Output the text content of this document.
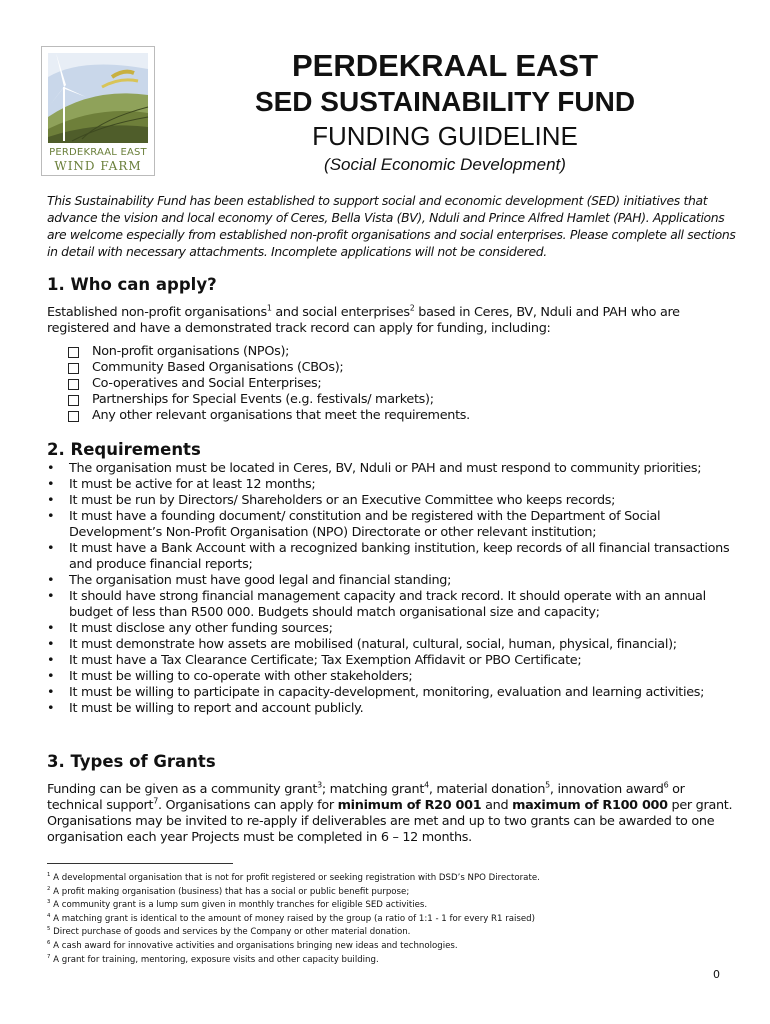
PERDEKRAAL EAST
WIND FARM
PERDEKRAAL EAST
SED SUSTAINABILITY FUND
FUNDING GUIDELINE
(Social Economic Development)
This Sustainability Fund has been established to support social and economic development (SED) initiatives that advance the vision and local economy of Ceres, Bella Vista (BV), Nduli and Prince Alfred Hamlet (PAH). Applications are welcome especially from established non-profit organisations and social enterprises. Please complete all sections in detail with necessary attachments. Incomplete applications will not be considered.
1. Who can apply?
Established non-profit organisations$^1$ and social enterprises$^2$ based in Ceres, BV, Nduli and PAH who are registered and have a demonstrated track record can apply for funding, including:
Non-profit organisations (NPOs);
Community Based Organisations (CBOs);
Co-operatives and Social Enterprises;
Partnerships for Special Events (e.g. festivals/ markets);
Any other relevant organisations that meet the requirements.
2. Requirements
• The organisation must be located in Ceres, BV, Nduli or PAH and must respond to community priorities;
• It must be active for at least 12 months;
• It must be run by Directors/ Shareholders or an Executive Committee who keeps records;
• It must have a founding document/ constitution and be registered with the Department of Social Development’s Non-Profit Organisation (NPO) Directorate or other relevant institution;
• It must have a Bank Account with a recognized banking institution, keep records of all financial transactions and produce financial reports;
• The organisation must have good legal and financial standing;
• It should have strong financial management capacity and track record. It should operate with an annual budget of less than R500 000. Budgets should match organisational size and capacity;
• It must disclose any other funding sources;
• It must demonstrate how assets are mobilised (natural, cultural, social, human, physical, financial);
• It must have a Tax Clearance Certificate; Tax Exemption Affidavit or PBO Certificate;
• It must be willing to co-operate with other stakeholders;
• It must be willing to participate in capacity-development, monitoring, evaluation and learning activities;
• It must be willing to report and account publicly.
3. Types of Grants
Funding can be given as a community grant$^3$; matching grant$^4$, material donation$^5$, innovation award$^6$ or technical support$^7$. Organisations can apply for minimum of R20 001 and maximum of R100 000 per grant. Organisations may be invited to re-apply if deliverables are met and up to two grants can be awarded to one organisation each year Projects must be completed in 6 – 12 months.
$^1$ A developmental organisation that is not for profit registered or seeking registration with DSD’s NPO Directorate.
$^2$ A profit making organisation (business) that has a social or public benefit purpose;
$^3$ A community grant is a lump sum given in monthly tranches for eligible SED activities.
$^4$ A matching grant is identical to the amount of money raised by the group (a ratio of 1:1 - 1 for every R1 raised)
$^5$ Direct purchase of goods and services by the Company or other material donation.
$^6$ A cash award for innovative activities and organisations bringing new ideas and technologies.
$^7$ A grant for training, mentoring, exposure visits and other capacity building.
0
